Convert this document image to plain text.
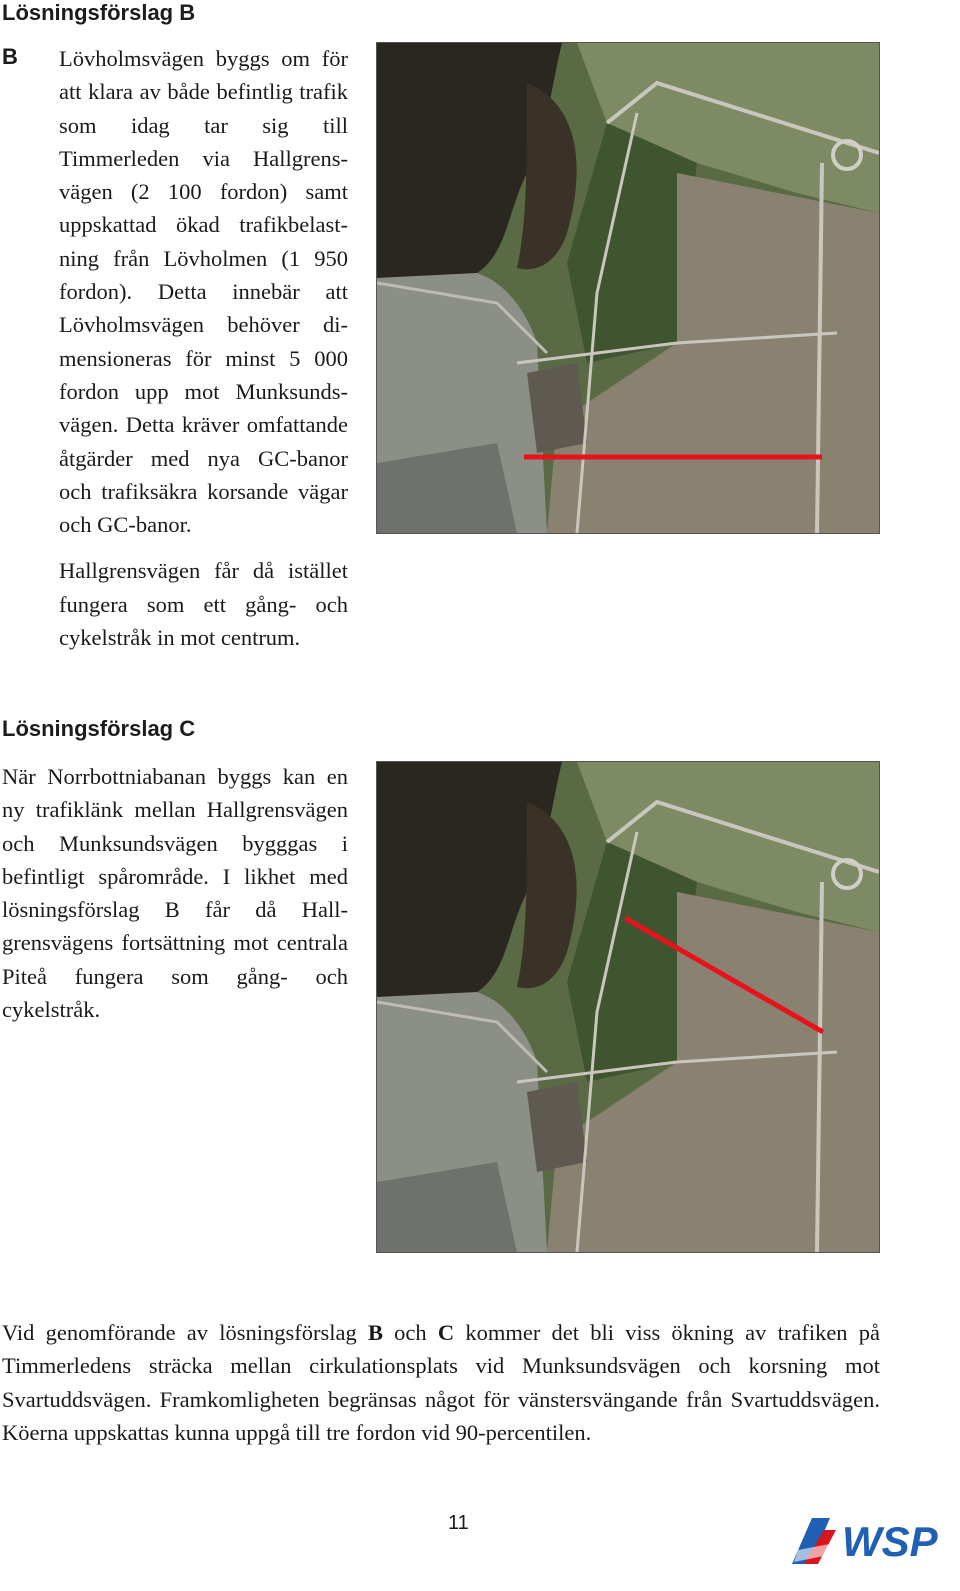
Lösningsförslag B
B Lövholmsvägen byggs om för att klara av både befintlig trafik som idag tar sig till Timmerleden via Hallgrensvägen (2 100 fordon) samt uppskattad ökad trafikbelastning från Lövholmen (1 950 fordon). Detta innebär att Lövholmsvägen behöver dimensioneras för minst 5 000 fordon upp mot Munksundsvägen. Detta kräver omfattande åtgärder med nya GC-banor och trafiksäkra korsande vägar och GC-banor.

Hallgrensvägen får då istället fungera som ett gång- och cykelstråk in mot centrum.

Lösningsförslag C

När Norrbottniabanan byggs kan en ny trafiklänk mellan Hallgrensvägen och Munksundsvägen bygggas i befintligt spårområde. I likhet med lösningsförslag B får då Hallgrensvägens fortsättning mot centrala Piteå fungera som gång- och cykelstråk.

Vid genomförande av lösningsförslag B och C kommer det bli viss ökning av trafiken på Timmerledens sträcka mellan cirkulationsplats vid Munksundsvägen och korsning mot Svartuddsvägen. Framkomligheten begränsas något för vänstersvängande från Svartuddsvägen. Köerna uppskattas kunna uppgå till tre fordon vid 90-percentilen.

11	WSP
